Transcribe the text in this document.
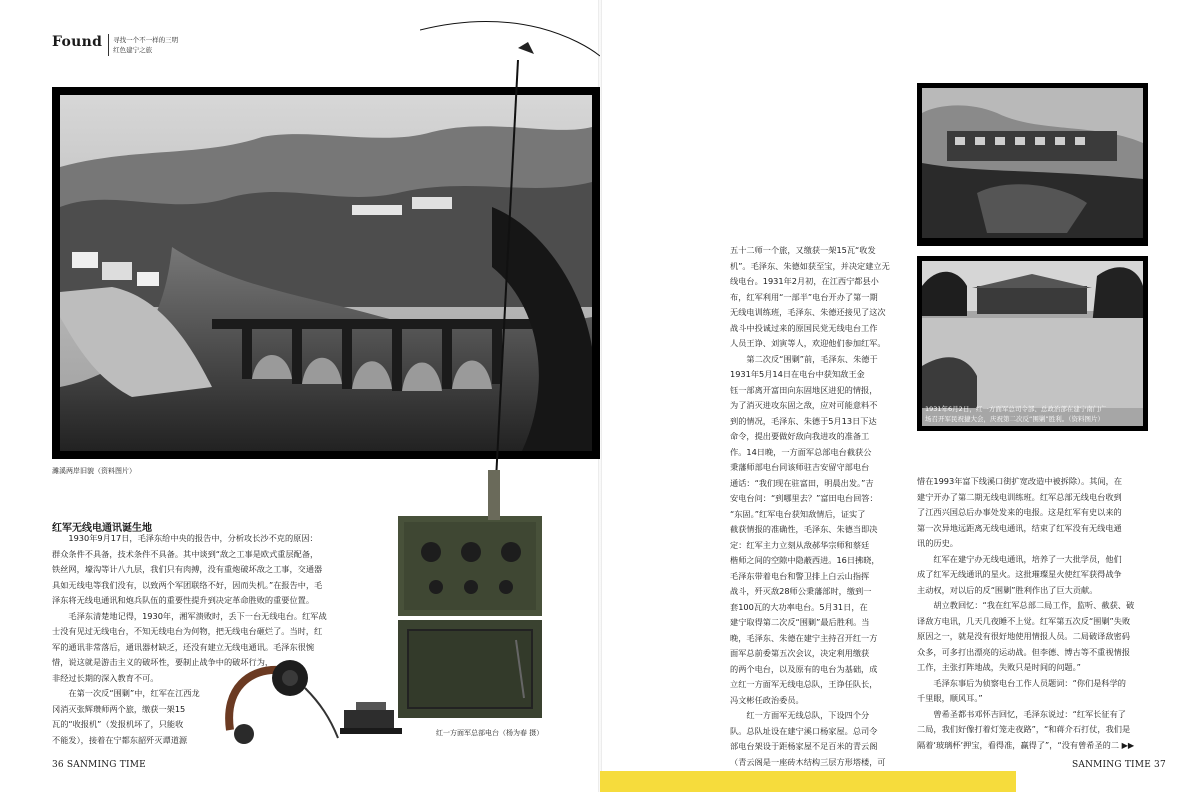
Found 寻找一个不一样的三明
红色建宁之旅
濉溪两岸旧貌（资料图片）
红军无线电通讯诞生地

1930年9月17日，毛泽东给中央的报告中，分析攻长沙不克的原因：

群众条件不具备，技术条件不具备。其中谈到“敌之工事是欧式重层配备，

铁丝网，壕沟等计八九层，我们只有肉搏，没有重炮破坏敌之工事，交通器

具如无线电等我们没有，以致两个军团联络不好，因而失机。”在报告中，毛

泽东将无线电通讯和炮兵队伍的重要性提升到决定革命胜败的重要位置。

毛泽东清楚地记得，1930年，湘军溃败时，丢下一台无线电台。红军战

士没有见过无线电台，不知无线电台为何物，把无线电台砸烂了。当时，红

军的通讯非常落后，通讯器材缺乏，还没有建立无线电通讯。毛泽东很惋

惜，说这就是游击主义的破坏性，要制止战争中的破坏行为，

非经过长期的深入教育不可。

在第一次反“围剿”中，红军在江西龙

冈消灭张辉瓒师两个旅，缴获一架15

瓦的“收报机”（发报机坏了，只能收

不能发），接着在宁都东韶歼灭谭道源

红一方面军总部电台（杨为春 摄）
36 SANMING TIME

五十二师一个旅，又缴获一架15瓦“收发

机”。毛泽东、朱德如获至宝，并决定建立无

线电台。1931年2月初，在江西宁都县小

布，红军利用“一部半”电台开办了第一期

无线电训练班，毛泽东、朱德还接见了这次

战斗中投诚过来的原国民党无线电台工作

人员王诤、刘寅等人，欢迎他们参加红军。

第二次反“围剿”前，毛泽东、朱德于

1931年5月14日在电台中获知敌王金

钰一部离开富田向东固地区进犯的情报，

为了消灭进攻东固之敌，应对可能意料不

到的情况，毛泽东、朱德于5月13日下达

命令，提出要做好敌向我进攻的准备工

作。14日晚，一方面军总部电台截获公

秉藩师部电台同该师驻吉安留守部电台

通话：“我们现在驻富田，明晨出发。”吉

安电台问：“到哪里去？”富田电台回答：

“东固。”红军电台获知敌情后，证实了

截获情报的准确性，毛泽东、朱德当即决

定：红军主力立刻从敌郝华宗师和蔡廷

楷师之间的空隙中隐蔽西进。16日拂晓，

毛泽东带着电台和警卫排上白云山指挥

战斗，歼灭敌28师公秉藩部时，缴到一

套100瓦的大功率电台。5月31日，在

建宁取得第二次反“围剿”最后胜利。当

晚，毛泽东、朱德在建宁主持召开红一方

面军总前委第五次会议，决定利用缴获

的两个电台，以及原有的电台为基础，成

立红一方面军无线电总队，王诤任队长，

冯文彬任政治委员。

红一方面军无线总队，下设四个分

队。总队址设在建宁溪口杨家屋。总司令

部电台架设于距杨家屋不足百米的青云阁

（青云阁是一座砖木结构三层方形塔楼，可

建宁县水南渡口（高家寨路口）旧貌（资料图片）
1931年6月2日，红一方面军总司令部、总政治部在建宁南门广
场召开军民祝捷大会，庆祝第二次反“围剿”胜利。（资料图片）

惜在1993年富下线溪口街扩宽改造中被拆除）。其间，在

建宁开办了第二期无线电训练班。红军总部无线电台收到

了江西兴国总后办事处发来的电报。这是红军有史以来的

第一次异地远距离无线电通讯，结束了红军没有无线电通

讯的历史。

红军在建宁办无线电通讯，培养了一大批学员，他们

成了红军无线通讯的星火。这批璀璨星火使红军获得战争

主动权，对以后的反“围剿”胜利作出了巨大贡献。

胡立教回忆：“我在红军总部二局工作，监听、截获、破

译敌方电讯，几天几夜睡不上觉。红军第五次反“围剿”失败

原因之一，就是没有很好地使用情报人员。二局破译敌密码

众多，可多打出漂亮的运动战。但李德、博古等不重视情报

工作，主张打阵地战，失败只是时间的问题。”

毛泽东事后为侦察电台工作人员题词：“你们是科学的

千里眼，顺风耳。”

曾希圣都书邓怀吉回忆，毛泽东说过：“红军长征有了

二局，我们好像打着灯笼走夜路”，“和蒋介石打仗，我们是

隔着‘玻璃杯’押宝，看得准，赢得了”，“没有曾希圣的二 ▶▶

SANMING TIME 37
